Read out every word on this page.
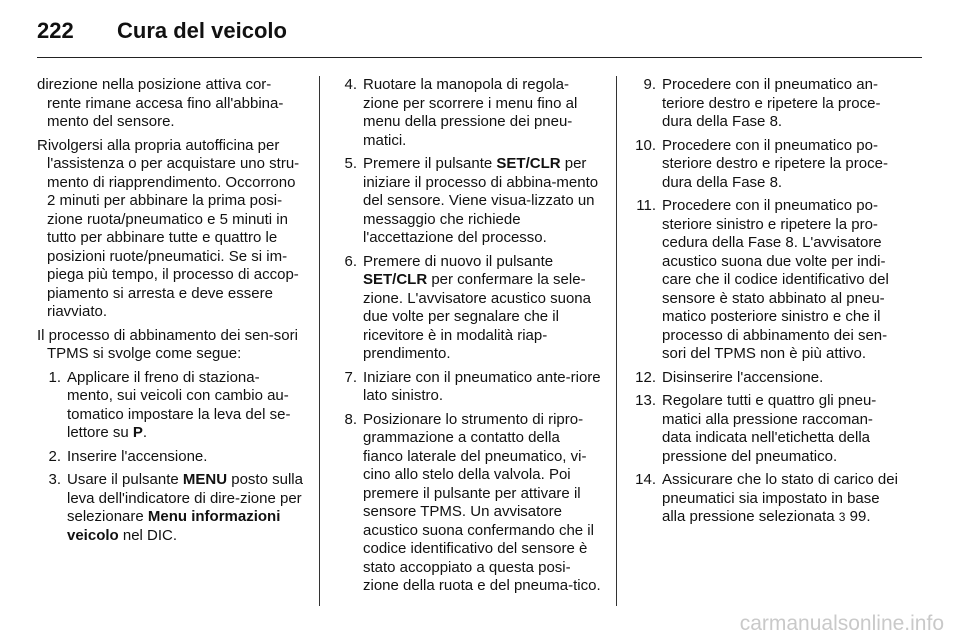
222 Cura del veicolo

direzione nella posizione attiva cor-rente rimane accesa fino all'abbina-mento del sensore.

Rivolgersi alla propria autofficina per l'assistenza o per acquistare uno stru-mento di riapprendimento. Occorrono 2 minuti per abbinare la prima posi-zione ruota/pneumatico e 5 minuti in tutto per abbinare tutte e quattro le posizioni ruote/pneumatici. Se si im-piega più tempo, il processo di accop-piamento si arresta e deve essere riavviato.

Il processo di abbinamento dei sen-sori TPMS si svolge come segue:

1. Applicare il freno di staziona-mento, sui veicoli con cambio au-tomatico impostare la leva del se-lettore su P.
2. Inserire l'accensione.
3. Usare il pulsante MENU posto sulla leva dell'indicatore di dire-zione per selezionare Menu informazioni veicolo nel DIC.
4. Ruotare la manopola di regola-zione per scorrere i menu fino al menu della pressione dei pneu-matici.
5. Premere il pulsante SET/CLR per iniziare il processo di abbina-mento del sensore. Viene visua-lizzato un messaggio che richiede l'accettazione del processo.
6. Premere di nuovo il pulsante SET/CLR per confermare la sele-zione. L'avvisatore acustico suona due volte per segnalare che il ricevitore è in modalità riap-prendimento.
7. Iniziare con il pneumatico ante-riore lato sinistro.
8. Posizionare lo strumento di ripro-grammazione a contatto della fianco laterale del pneumatico, vi-cino allo stelo della valvola. Poi premere il pulsante per attivare il sensore TPMS. Un avvisatore acustico suona confermando che il codice identificativo del sensore è stato accoppiato a questa posi-zione della ruota e del pneuma-tico.
9. Procedere con il pneumatico an-teriore destro e ripetere la proce-dura della Fase 8.
10. Procedere con il pneumatico po-steriore destro e ripetere la proce-dura della Fase 8.
11. Procedere con il pneumatico po-steriore sinistro e ripetere la pro-cedura della Fase 8. L'avvisatore acustico suona due volte per indi-care che il codice identificativo del sensore è stato abbinato al pneu-matico posteriore sinistro e che il processo di abbinamento dei sen-sori del TPMS non è più attivo.
12. Disinserire l'accensione.
13. Regolare tutti e quattro gli pneu-matici alla pressione raccoman-data indicata nell'etichetta della pressione del pneumatico.
14. Assicurare che lo stato di carico dei pneumatici sia impostato in base alla pressione selezionata 3 99.
carmanualsonline.info
